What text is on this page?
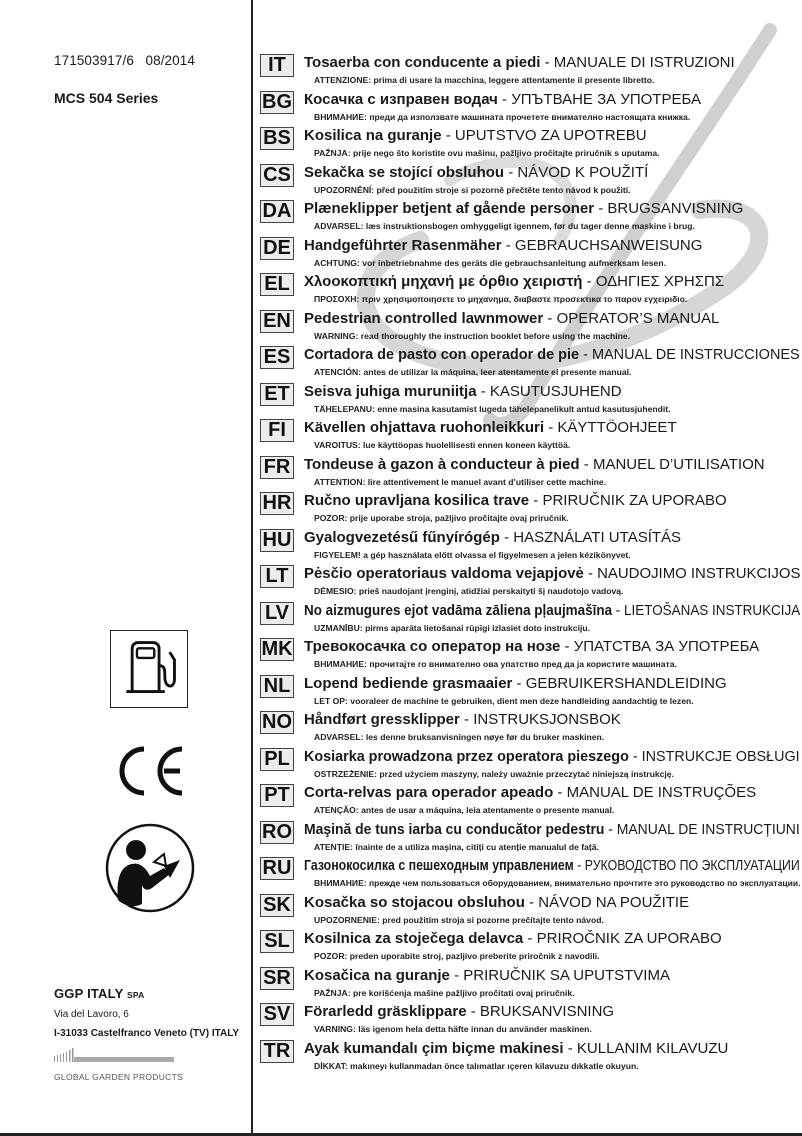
171503917/6   08/2014
MCS 504 Series
GGP ITALY SPA
Via del Lavoro, 6
I-31033 Castelfranco Veneto (TV) ITALY
GLOBAL GARDEN PRODUCTS
IT	Tosaerba con conducente a piedi - MANUALE DI ISTRUZIONI
ATTENZIONE: prima di usare la macchina, leggere attentamente il presente libretto.
BG Косачка с изправен водач - УПЪТВАНЕ ЗА УПОТРЕБА
ВНИМАНИЕ: преди да използвате машината прочетете внимателно настоящата книжка.
BS Kosilica na guranje - UPUTSTVO ZA UPOTREBU
PAŽNJA: prije nego što koristite ovu mašinu, pažljivo pročitajte priručnik s uputama.
CS Sekačka se stojící obsluhou - NÁVOD K POUŽITÍ
UPOZORNĚNÍ: před použitím stroje si pozorně přečtěte tento návod k použití.
DA Plæneklipper betjent af gående personer - BRUGSANVISNING
ADVARSEL: læs instruktionsbogen omhyggeligt igennem, før du tager denne maskine i brug.
DE Handgeführter Rasenmäher - GEBRAUCHSANWEISUNG
ACHTUNG: vor inbetriebnahme des geräts die gebrauchsanleitung aufmerksam lesen.
EL Χλοοκοπτική μηχανή με όρθιο χειριστή - ΟΔΗΓΙΕΣ ΧΡΗΣΠΣ
ΠΡΟΣΟΧΗ: πριν χρησιμοποιησετε το μηχανημα, διαβαστε προσεκτικα το παρον εγχειριδιο.
EN Pedestrian controlled lawnmower - OPERATOR’S MANUAL
WARNING: read thoroughly the instruction booklet before using the machine.
ES Cortadora de pasto con operador de pie - MANUAL DE INSTRUCCIONES
ATENCIÓN: antes de utilizar la máquina, leer atentamente el presente manual.
ET Seisva juhiga muruniitja - KASUTUSJUHEND
TÄHELEPANU: enne masina kasutamist lugeda tähelepanelikult antud kasutusjuhendit.
FI	Kävellen ohjattava ruohonleikkuri - KÄYTTÖOHJEET
VAROITUS: lue käyttöopas huolellisesti ennen koneen käyttöä.
FR Tondeuse à gazon à conducteur à pied - MANUEL D’UTILISATION
ATTENTION: lire attentivement le manuel avant d’utiliser cette machine.
HR Ručno upravljana kosilica trave - PRIRUČNIK ZA UPORABO
POZOR: prije uporabe stroja, pažljivo pročitajte ovaj priručnik.
HU Gyalogvezetésű fűnyírógép - HASZNÁLATI UTASÍTÁS
FIGYELEM! a gép használata előtt olvassa el figyelmesen a jelen kézikönyvet.
LT	Pėsčio operatoriaus valdoma vejapjovė - NAUDOJIMO INSTRUKCIJOS
DĖMESIO: prieš naudojant įrenginį, atidžiai perskaityti šį naudotojo vadovą.
LV No aizmugures ejot vadāma zāliena pļaujmašīna - LIETOŠANAS INSTRUKCIJA
UZMANĪBU: pirms aparāta lietošanai rūpīgi izlasiet doto instrukciju.
MK Тревокосачка со оператор на нозе - УПАТСТВА ЗА УПОТРЕБА
ВНИМАНИЕ: прочитајте го внимателно ова упатство пред да ја користите машината.
NL Lopend bediende grasmaaier - GEBRUIKERSHANDLEIDING
LET OP: vooraleer de machine te gebruiken, dient men deze handleiding aandachtig te lezen.
NO Håndført gressklipper - INSTRUKSJONSBOK
ADVARSEL: les denne bruksanvisningen nøye før du bruker maskinen.
PL Kosiarka prowadzona przez operatora pieszego - INSTRUKCJE OBSŁUGI
OSTRZEŻENIE: przed użyciem maszyny, należy uważnie przeczytać niniejszą instrukcję.
PT Corta-relvas para operador apeado - MANUAL DE INSTRUÇÕES
ATENÇÃO: antes de usar a máquina, leia atentamente o presente manual.
RO Maşină de tuns iarba cu conducător pedestru - MANUAL DE INSTRUCȚIUNI
ATENȚIE: înainte de a utiliza maşina, citiți cu atenție manualul de față.
RU Газонокосилка с пешеходным управлением - РУКОВОДСТВО ПО ЭКСПЛУАТАЦИИ
ВНИМАНИЕ: прежде чем пользоваться оборудованием, внимательно прочтите это руководство по эксплуатации.
SK Kosačka so stojacou obsluhou - NÁVOD NA POUŽITIE
UPOZORNENIE: pred použitím stroja si pozorne prečítajte tento návod.
SL Kosilnica za stoječega delavca - PRIROČNIK ZA UPORABO
POZOR: preden uporabite stroj, pazljivo preberite priročnik z navodili.
SR Kosačica na guranje - PRIRUČNIK SA UPUTSTVIMA
PAŽNJA: pre korišćenja mašine pažljivo pročitati ovaj priručnik.
SV Förarledd gräsklippare - BRUKSANVISNING
VARNING: läs igenom hela detta häfte innan du använder maskinen.
TR Ayak kumandalı çim biçme makinesi - KULLANIM KILAVUZU
DİKKAT: makıneyı kullanmadan önce talımatlar ıçeren kilavuzu dıkkatle okuyun.
